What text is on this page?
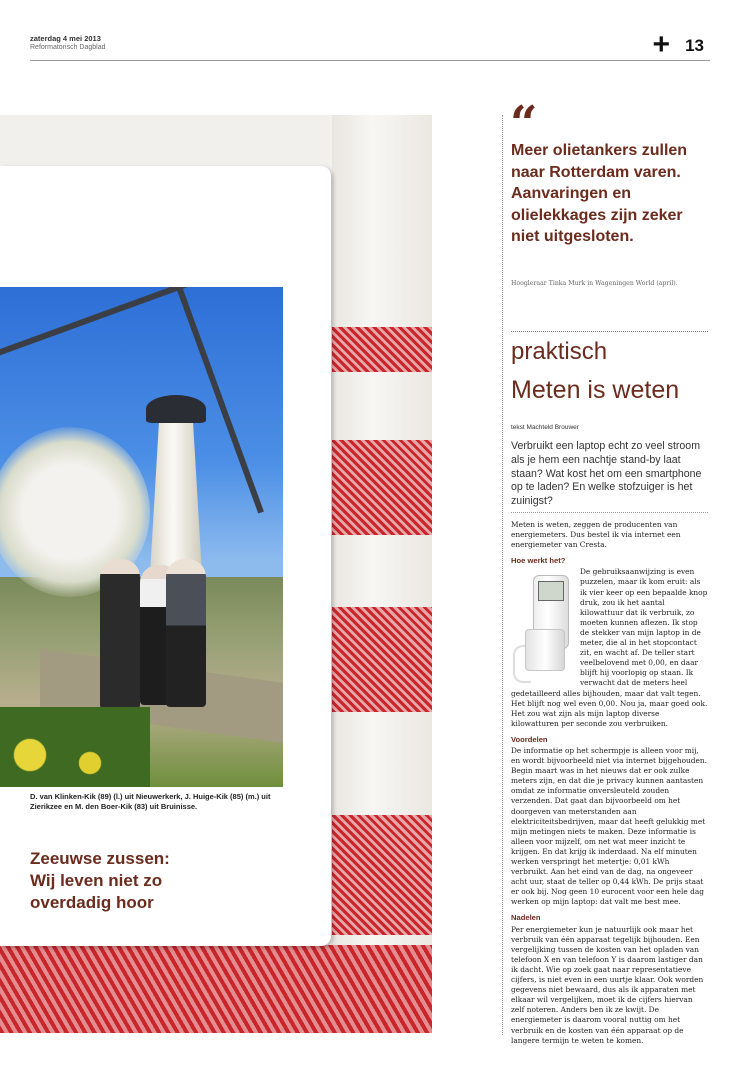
zaterdag 4 mei 2013
Reformatorisch Dagblad	+ 13
D. van Klinken-Kik (89) (l.) uit Nieuwerkerk, J. Huige-Kik (85) (m.) uit Zierikzee en M. den Boer-Kik (83) uit Bruinisse.
Zeeuwse zussen:
Wij leven niet zo
overdadig hoor
“
Meer olietankers zullen naar Rotterdam varen. Aanvaringen en olielekkages zijn zeker niet uitgesloten.
Hoogleraar Tinka Murk in Wageningen World (april).
praktisch
Meten is weten
tekst Machteld Brouwer
Verbruikt een laptop echt zo veel stroom als je hem een nachtje stand-by laat staan? Wat kost het om een smartphone op te laden? En welke stofzuiger is het zuinigst?

Meten is weten, zeggen de producenten van energiemeters. Dus bestel ik via internet een energiemeter van Cresta.

Hoe werkt het?

De gebruiksaanwijzing is even puzzelen, maar ik kom eruit: als ik vier keer op een bepaalde knop druk, zou ik het aantal kilowattuur dat ik verbruik, zo moeten kunnen aflezen. Ik stop de stekker van mijn laptop in de meter, die al in het stopcontact zit, en wacht af. De teller start veelbelovend met 0,00, en daar blijft hij voorlopig op staan. Ik verwacht dat de meters heel gedetailleerd alles bijhouden, maar dat valt tegen. Het blijft nog wel even 0,00. Nou ja, maar goed ook. Het zou wat zijn als mijn laptop diverse kilowatturen per seconde zou verbruiken.

Voordelen

De informatie op het schermpje is alleen voor mij, en wordt bijvoorbeeld niet via internet bijgehouden. Begin maart was in het nieuws dat er ook zulke meters zijn, en dat die je privacy kunnen aantasten omdat ze informatie onversleuteld zouden verzenden. Dat gaat dan bijvoorbeeld om het doorgeven van meterstanden aan elektriciteitsbedrijven, maar dat heeft gelukkig met mijn metingen niets te maken. Deze informatie is alleen voor mijzelf, om net wat meer inzicht te krijgen. En dat krijg ik inderdaad. Na elf minuten werken verspringt het metertje: 0,01 kWh verbruikt. Aan het eind van de dag, na ongeveer acht uur, staat de teller op 0,44 kWh. De prijs staat er ook bij. Nog geen 10 eurocent voor een hele dag werken op mijn laptop: dat valt me best mee.

Nadelen

Per energiemeter kun je natuurlijk ook maar het verbruik van één apparaat tegelijk bijhouden. Een vergelijking tussen de kosten van het opladen van telefoon X en van telefoon Y is daarom lastiger dan ik dacht. Wie op zoek gaat naar representatieve cijfers, is niet even in een uurtje klaar. Ook worden gegevens niet bewaard, dus als ik apparaten met elkaar wil vergelijken, moet ik de cijfers hiervan zelf noteren. Anders ben ik ze kwijt. De energiemeter is daarom vooral nuttig om het verbruik en de kosten van één apparaat op de langere termijn te weten te komen.
